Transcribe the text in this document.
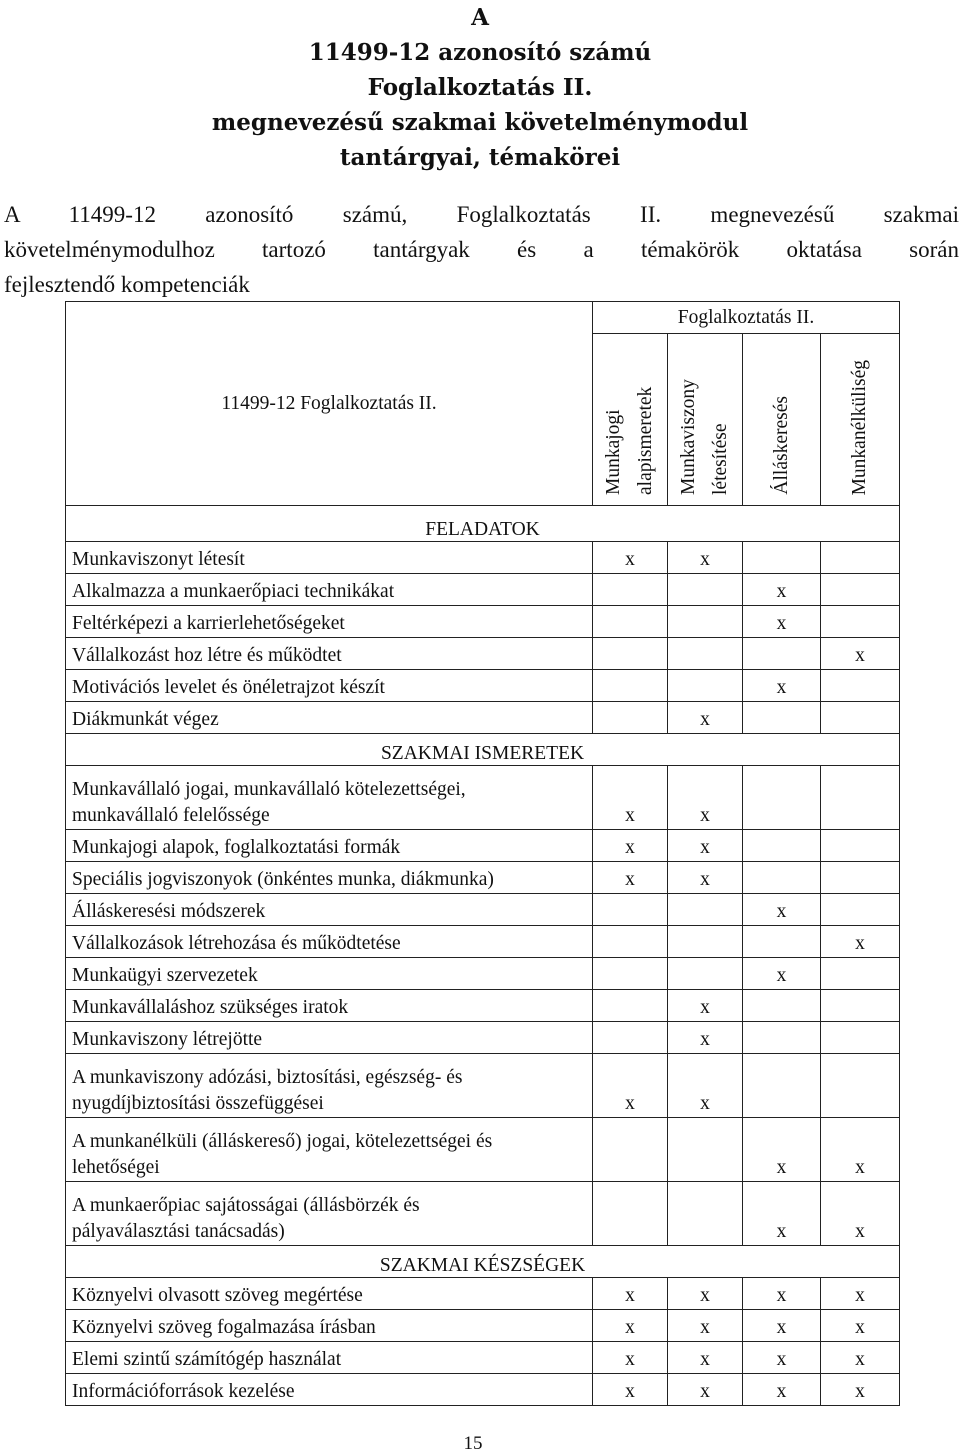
A
11499-12 azonosító számú
Foglalkoztatás II.
megnevezésű szakmai követelménymodul
tantárgyai, témakörei
A 11499-12 azonosító számú, Foglalkoztatás II. megnevezésű szakmai
követelménymodulhoz tartozó tantárgyak és a témakörök oktatása során
fejlesztendő kompetenciák
11499-12 Foglalkoztatás II.	Foglalkoztatás II.			
	Munkajogi alapismeretek	Munkaviszony létesítése	Álláskeresés	Munkanélküliség
FELADATOK				
Munkaviszonyt létesít	x	x		
Alkalmazza a munkaerőpiaci technikákat			x	
Feltérképezi a karrierlehetőségeket			x	
Vállalkozást hoz létre és működtet				x
Motivációs levelet és önéletrajzot készít			x	
Diákmunkát végez		x		
SZAKMAI ISMERETEK				
Munkavállaló jogai, munkavállaló kötelezettségei, munkavállaló felelőssége	x	x		
Munkajogi alapok, foglalkoztatási formák	x	x		
Speciális jogviszonyok (önkéntes munka, diákmunka)	x	x		
Álláskeresési módszerek			x	
Vállalkozások létrehozása és működtetése				x
Munkaügyi szervezetek			x	
Munkavállaláshoz szükséges iratok		x		
Munkaviszony létrejötte		x		
A munkaviszony adózási, biztosítási, egészség- és nyugdíjbiztosítási összefüggései	x	x		
A munkanélküli (álláskereső) jogai, kötelezettségei és lehetőségei			x	x
A munkaerőpiac sajátosságai (állásbörzék és pályaválasztási tanácsadás)			x	x
SZAKMAI KÉSZSÉGEK				
Köznyelvi olvasott szöveg megértése	x	x	x	x
Köznyelvi szöveg fogalmazása írásban	x	x	x	x
Elemi szintű számítógép használat	x	x	x	x
Információforrások kezelése	x	x	x	x
15
